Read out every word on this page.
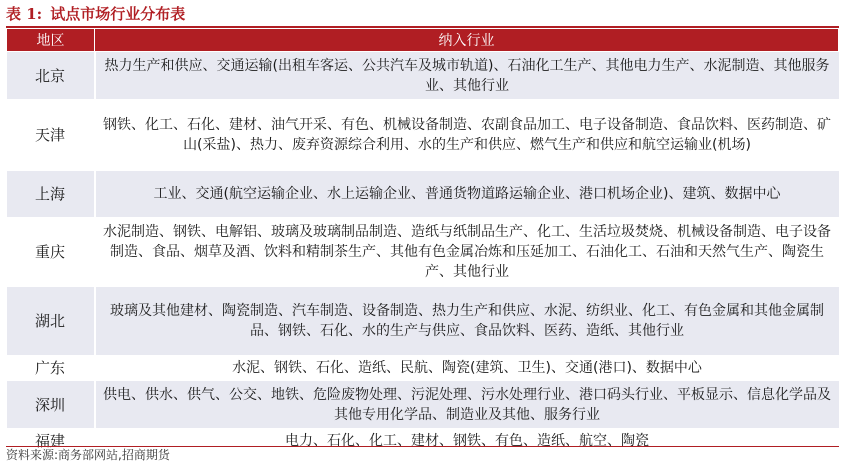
表 1: 试点市场行业分布表
地区	纳入行业
北京	热力生产和供应、交通运输(出租车客运、公共汽车及城市轨道)、石油化工生产、其他电力生产、水泥制造、其他服务业、其他行业
天津	钢铁、化工、石化、建材、油气开采、有色、机械设备制造、农副食品加工、电子设备制造、食品饮料、医药制造、矿山(采盐)、热力、废弃资源综合利用、水的生产和供应、燃气生产和供应和航空运输业(机场)
上海	工业、交通(航空运输企业、水上运输企业、普通货物道路运输企业、港口机场企业)、建筑、数据中心
重庆	水泥制造、钢铁、电解铝、玻璃及玻璃制品制造、造纸与纸制品生产、化工、生活垃圾焚烧、机械设备制造、电子设备制造、食品、烟草及酒、饮料和精制茶生产、其他有色金属冶炼和压延加工、石油化工、石油和天然气生产、陶瓷生产、其他行业
湖北	玻璃及其他建材、陶瓷制造、汽车制造、设备制造、热力生产和供应、水泥、纺织业、化工、有色金属和其他金属制品、钢铁、石化、水的生产与供应、食品饮料、医药、造纸、其他行业
广东	水泥、钢铁、石化、造纸、民航、陶瓷(建筑、卫生)、交通(港口)、数据中心
深圳	供电、供水、供气、公交、地铁、危险废物处理、污泥处理、污水处理行业、港口码头行业、平板显示、信息化学品及其他专用化学品、制造业及其他、服务行业
福建	电力、石化、化工、建材、钢铁、有色、造纸、航空、陶瓷
资料来源:商务部网站,招商期货
